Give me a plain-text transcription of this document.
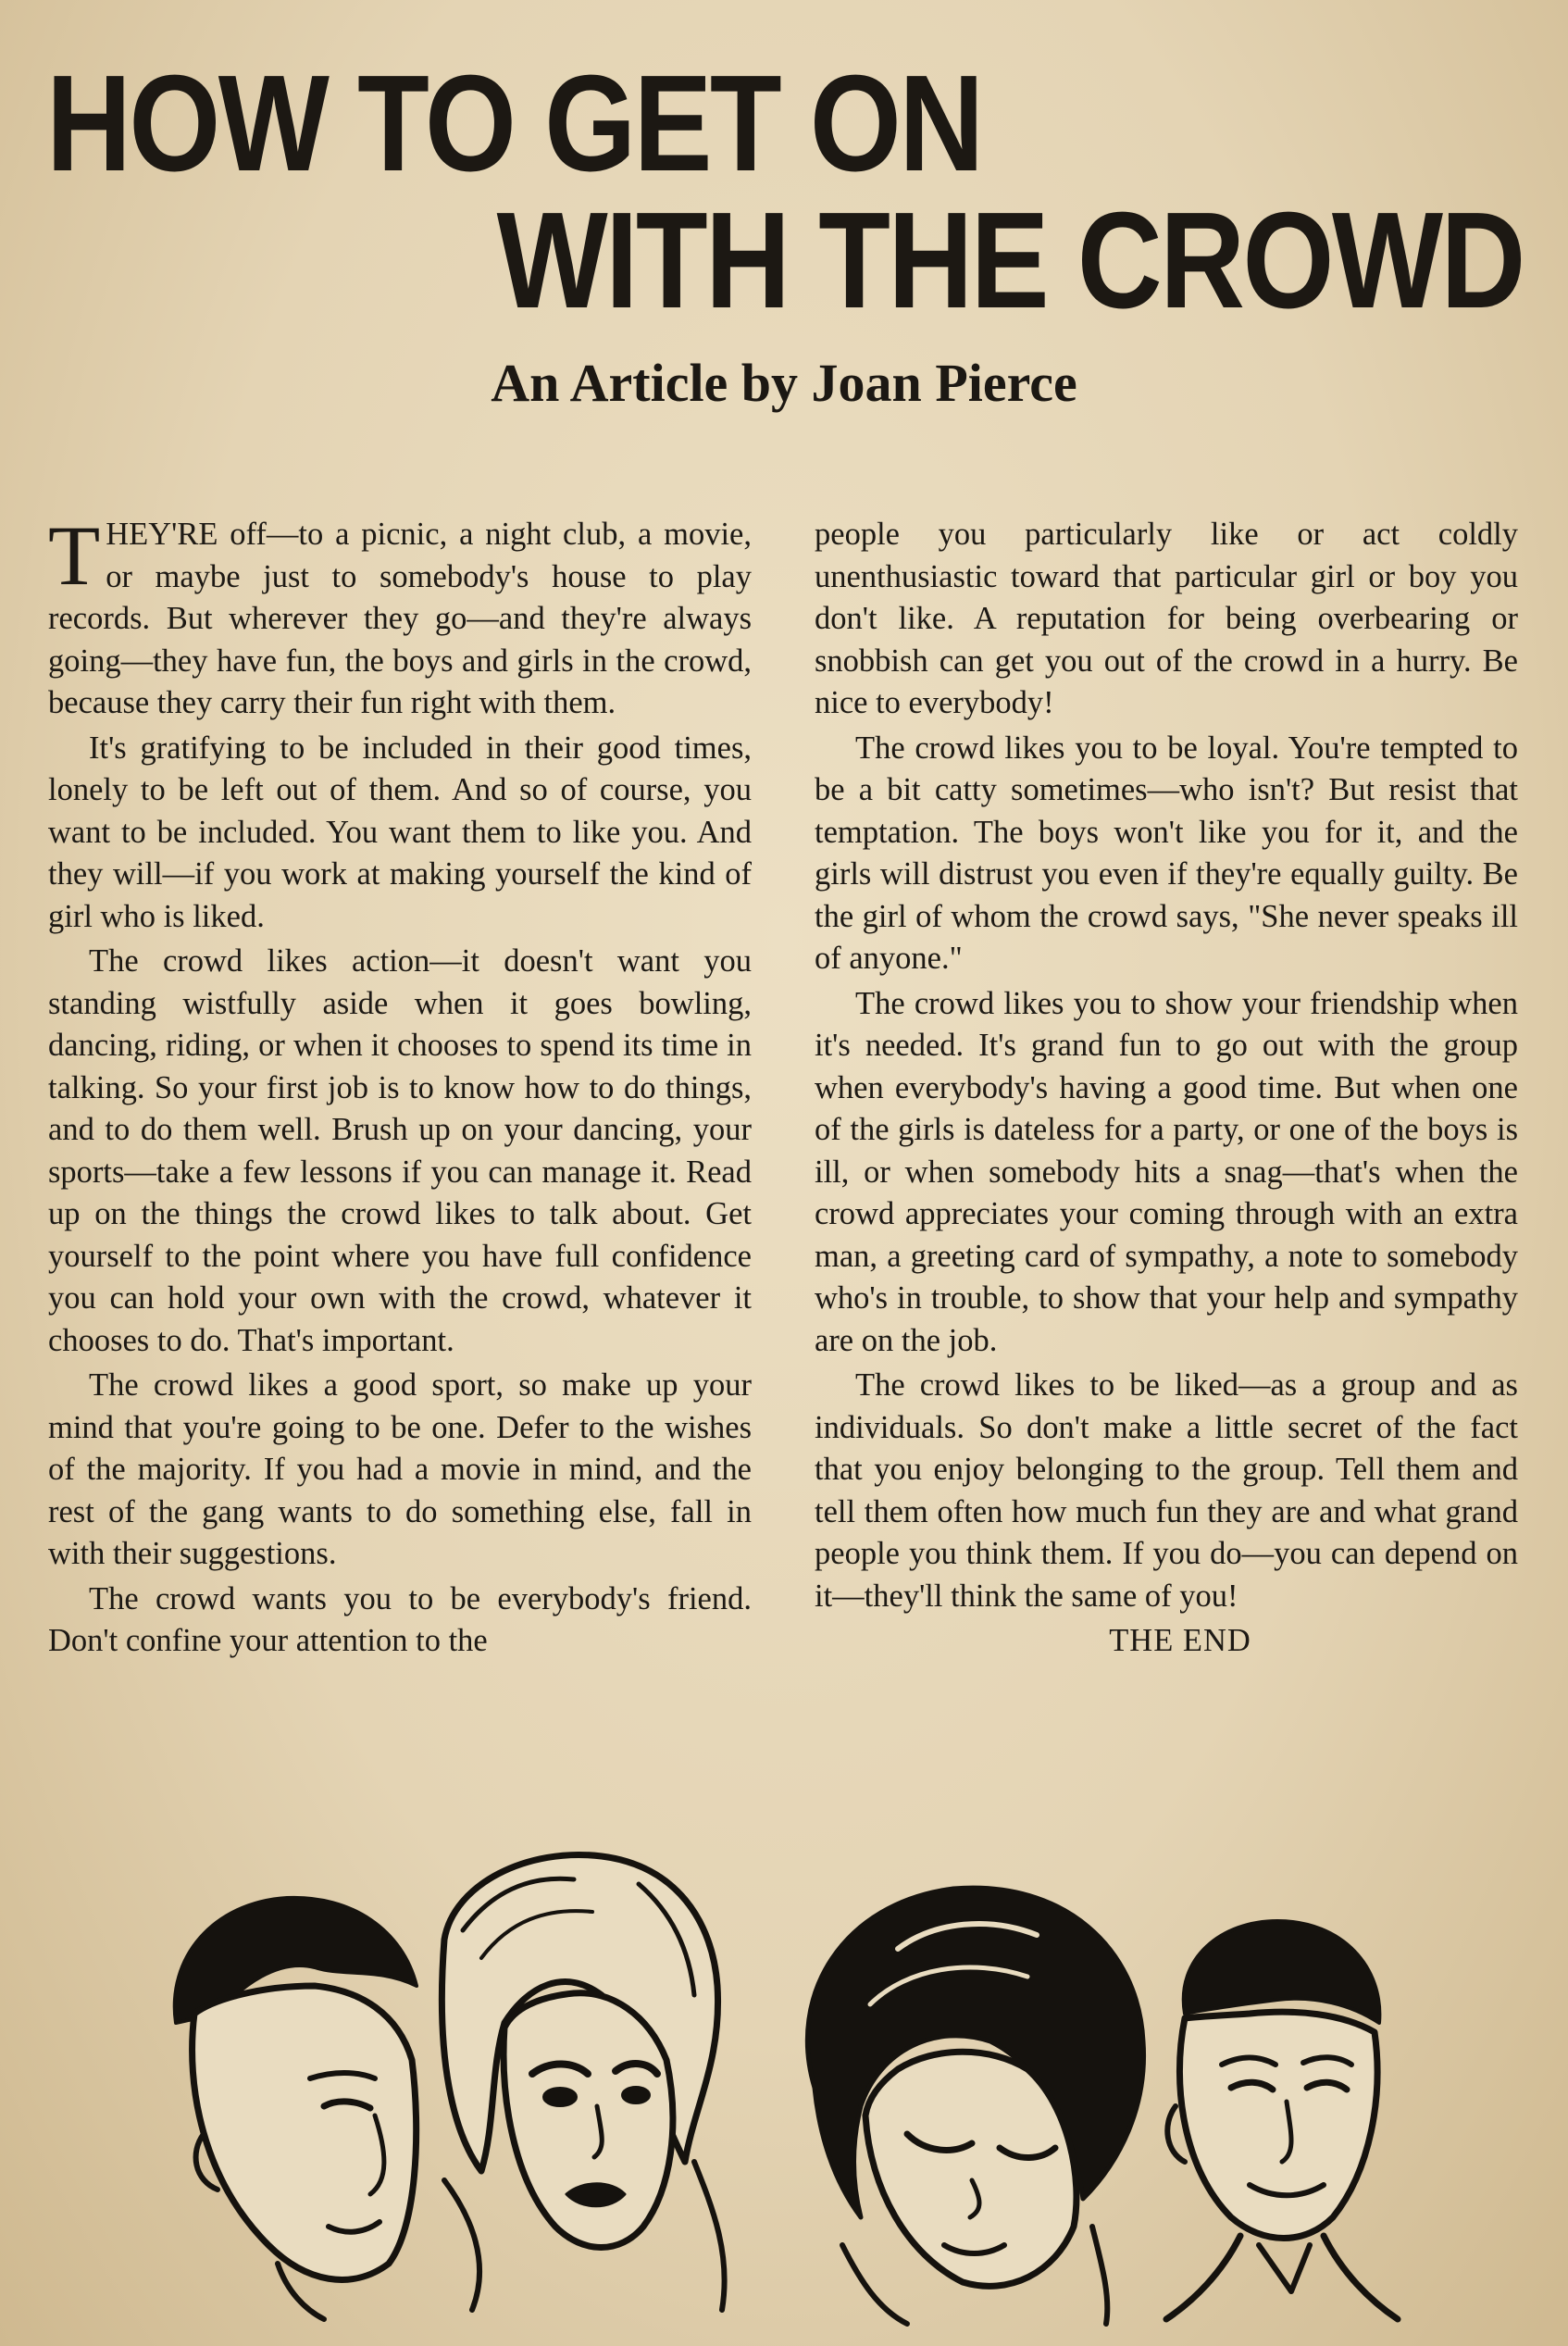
HOW TO GET ON
WITH THE CROWD
An Article by Joan Pierce

THEY'RE off—to a picnic, a night club, a movie, or maybe just to somebody's house to play records. But wherever they go—and they're always going—they have fun, the boys and girls in the crowd, because they carry their fun right with them.

It's gratifying to be included in their good times, lonely to be left out of them. And so of course, you want to be included. You want them to like you. And they will—if you work at making yourself the kind of girl who is liked.

The crowd likes action—it doesn't want you standing wistfully aside when it goes bowling, dancing, riding, or when it chooses to spend its time in talking. So your first job is to know how to do things, and to do them well. Brush up on your dancing, your sports—take a few lessons if you can manage it. Read up on the things the crowd likes to talk about. Get yourself to the point where you have full confidence you can hold your own with the crowd, whatever it chooses to do. That's important.

The crowd likes a good sport, so make up your mind that you're going to be one. Defer to the wishes of the majority. If you had a movie in mind, and the rest of the gang wants to do something else, fall in with their suggestions.

The crowd wants you to be everybody's friend. Don't confine your attention to the

people you particularly like or act coldly unenthusiastic toward that particular girl or boy you don't like. A reputation for being overbearing or snobbish can get you out of the crowd in a hurry. Be nice to everybody!

The crowd likes you to be loyal. You're tempted to be a bit catty sometimes—who isn't? But resist that temptation. The boys won't like you for it, and the girls will distrust you even if they're equally guilty. Be the girl of whom the crowd says, "She never speaks ill of anyone."

The crowd likes you to show your friendship when it's needed. It's grand fun to go out with the group when everybody's having a good time. But when one of the girls is dateless for a party, or one of the boys is ill, or when somebody hits a snag—that's when the crowd appreciates your coming through with an extra man, a greeting card of sympathy, a note to somebody who's in trouble, to show that your help and sympathy are on the job.

The crowd likes to be liked—as a group and as individuals. So don't make a little secret of the fact that you enjoy belonging to the group. Tell them and tell them often how much fun they are and what grand people you think them. If you do—you can depend on it—they'll think the same of you!

THE END
